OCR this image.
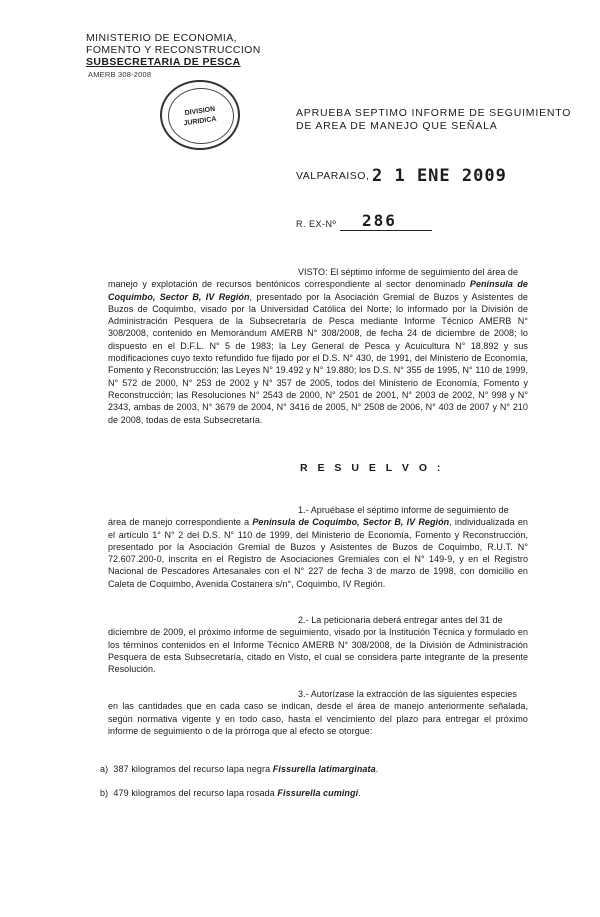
MINISTERIO DE ECONOMIA,
FOMENTO Y RECONSTRUCCION
SUBSECRETARIA DE PESCA
AMERB 308-2008
DIVISION
JURIDICA
APRUEBA SEPTIMO INFORME DE SEGUIMIENTO
DE AREA DE MANEJO QUE SEÑALA
VALPARAISO, 2 1 ENE 2009
R. EX-Nº 286

VISTO: El séptimo informe de seguimiento del área de

manejo y explotación de recursos bentónicos correspondiente al sector denominado Península de Coquimbo, Sector B, IV Región, presentado por la Asociación Gremial de Buzos y Asistentes de Buzos de Coquimbo, visado por la Universidad Católica del Norte; lo informado por la División de Administración Pesquera de la Subsecretaría de Pesca mediante Informe Técnico AMERB N° 308/2008, contenido en Memorándum AMERB N° 308/2008, de fecha 24 de diciembre de 2008; lo dispuesto en el D.F.L. N° 5 de 1983; la Ley General de Pesca y Acuicultura N° 18.892 y sus modificaciones cuyo texto refundido fue fijado por el D.S. N° 430, de 1991, del Ministerio de Economía, Fomento y Reconstrucción; las Leyes N° 19.492 y N° 19.880; los D.S. N° 355 de 1995, N° 110 de 1999, N° 572 de 2000, N° 253 de 2002 y N° 357 de 2005, todos del Ministerio de Economía, Fomento y Reconstrucción; las Resoluciones N° 2543 de 2000, N° 2501 de 2001, N° 2003 de 2002, N° 998 y N° 2343, ambas de 2003, N° 3679 de 2004, N° 3416 de 2005, N° 2508 de 2006, N° 403 de 2007 y N° 210 de 2008, todas de esta Subsecretaría.

R E S U E L V O :

1.- Apruébase el séptimo informe de seguimiento de

área de manejo correspondiente a Península de Coquimbo, Sector B, IV Región, individualizada en el artículo 1° N° 2 del D.S. N° 110 de 1999, del Ministerio de Economía, Fomento y Reconstrucción, presentado por la Asociación Gremial de Buzos y Asistentes de Buzos de Coquimbo, R.U.T. N° 72.607.200-0, inscrita en el Registro de Asociaciones Gremiales con el N° 149-9, y en el Registro Nacional de Pescadores Artesanales con el N° 227 de fecha 3 de marzo de 1998, con domicilio en Caleta de Coquimbo, Avenida Costanera s/n°, Coquimbo, IV Región.

2.- La peticionaria deberá entregar antes del 31 de

diciembre de 2009, el próximo informe de seguimiento, visado por la Institución Técnica y formulado en los términos contenidos en el Informe Técnico AMERB N° 308/2008, de la División de Administración Pesquera de esta Subsecretaría, citado en Visto, el cual se considera parte integrante de la presente Resolución.

3.- Autorízase la extracción de las siguientes especies

en las cantidades que en cada caso se indican, desde el área de manejo anteriormente señalada, según normativa vigente y en todo caso, hasta el vencimiento del plazo para entregar el próximo informe de seguimiento o de la prórroga que al efecto se otorgue:

a) 387 kilogramos del recurso lapa negra Fissurella latimarginata.
b) 479 kilogramos del recurso lapa rosada Fissurella cumingi.
